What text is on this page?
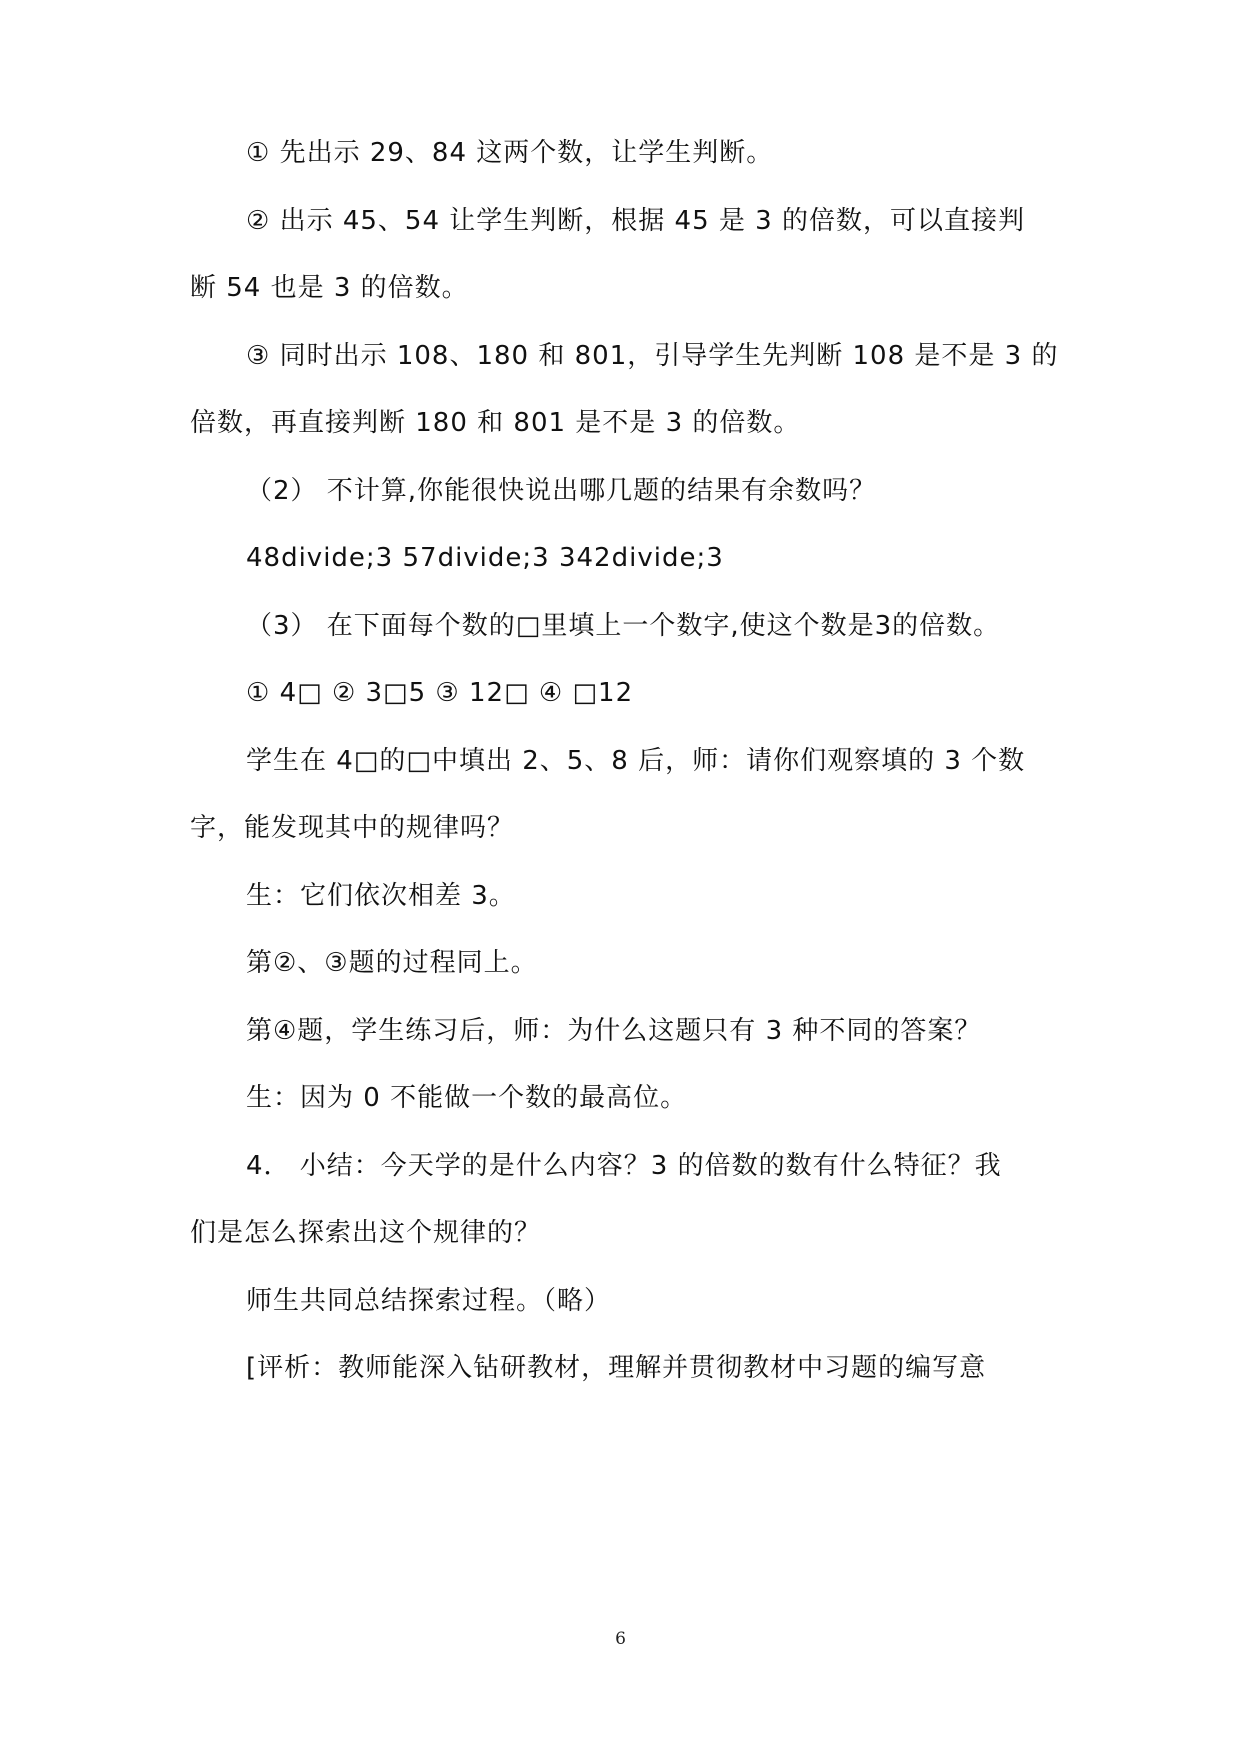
① 先出示 29、84 这两个数，让学生判断。
② 出示 45、54 让学生判断，根据 45 是 3 的倍数，可以直接判
断 54 也是 3 的倍数。
③ 同时出示 108、180 和 801，引导学生先判断 108 是不是 3 的
倍数，再直接判断 180 和 801 是不是 3 的倍数。
（2） 不计算,你能很快说出哪几题的结果有余数吗？
48divide;3 57divide;3 342divide;3
（3） 在下面每个数的□里填上一个数字,使这个数是3的倍数。
① 4□ ② 3□5 ③ 12□ ④ □12
学生在 4□的□中填出 2、5、8 后，师：请你们观察填的 3 个数
字，能发现其中的规律吗？
生：它们依次相差 3。
第②、③题的过程同上。
第④题，学生练习后，师：为什么这题只有 3 种不同的答案？
生：因为 0 不能做一个数的最高位。
4． 小结：今天学的是什么内容？3 的倍数的数有什么特征？我
们是怎么探索出这个规律的？
师生共同总结探索过程。（略）
[评析：教师能深入钻研教材，理解并贯彻教材中习题的编写意
6
